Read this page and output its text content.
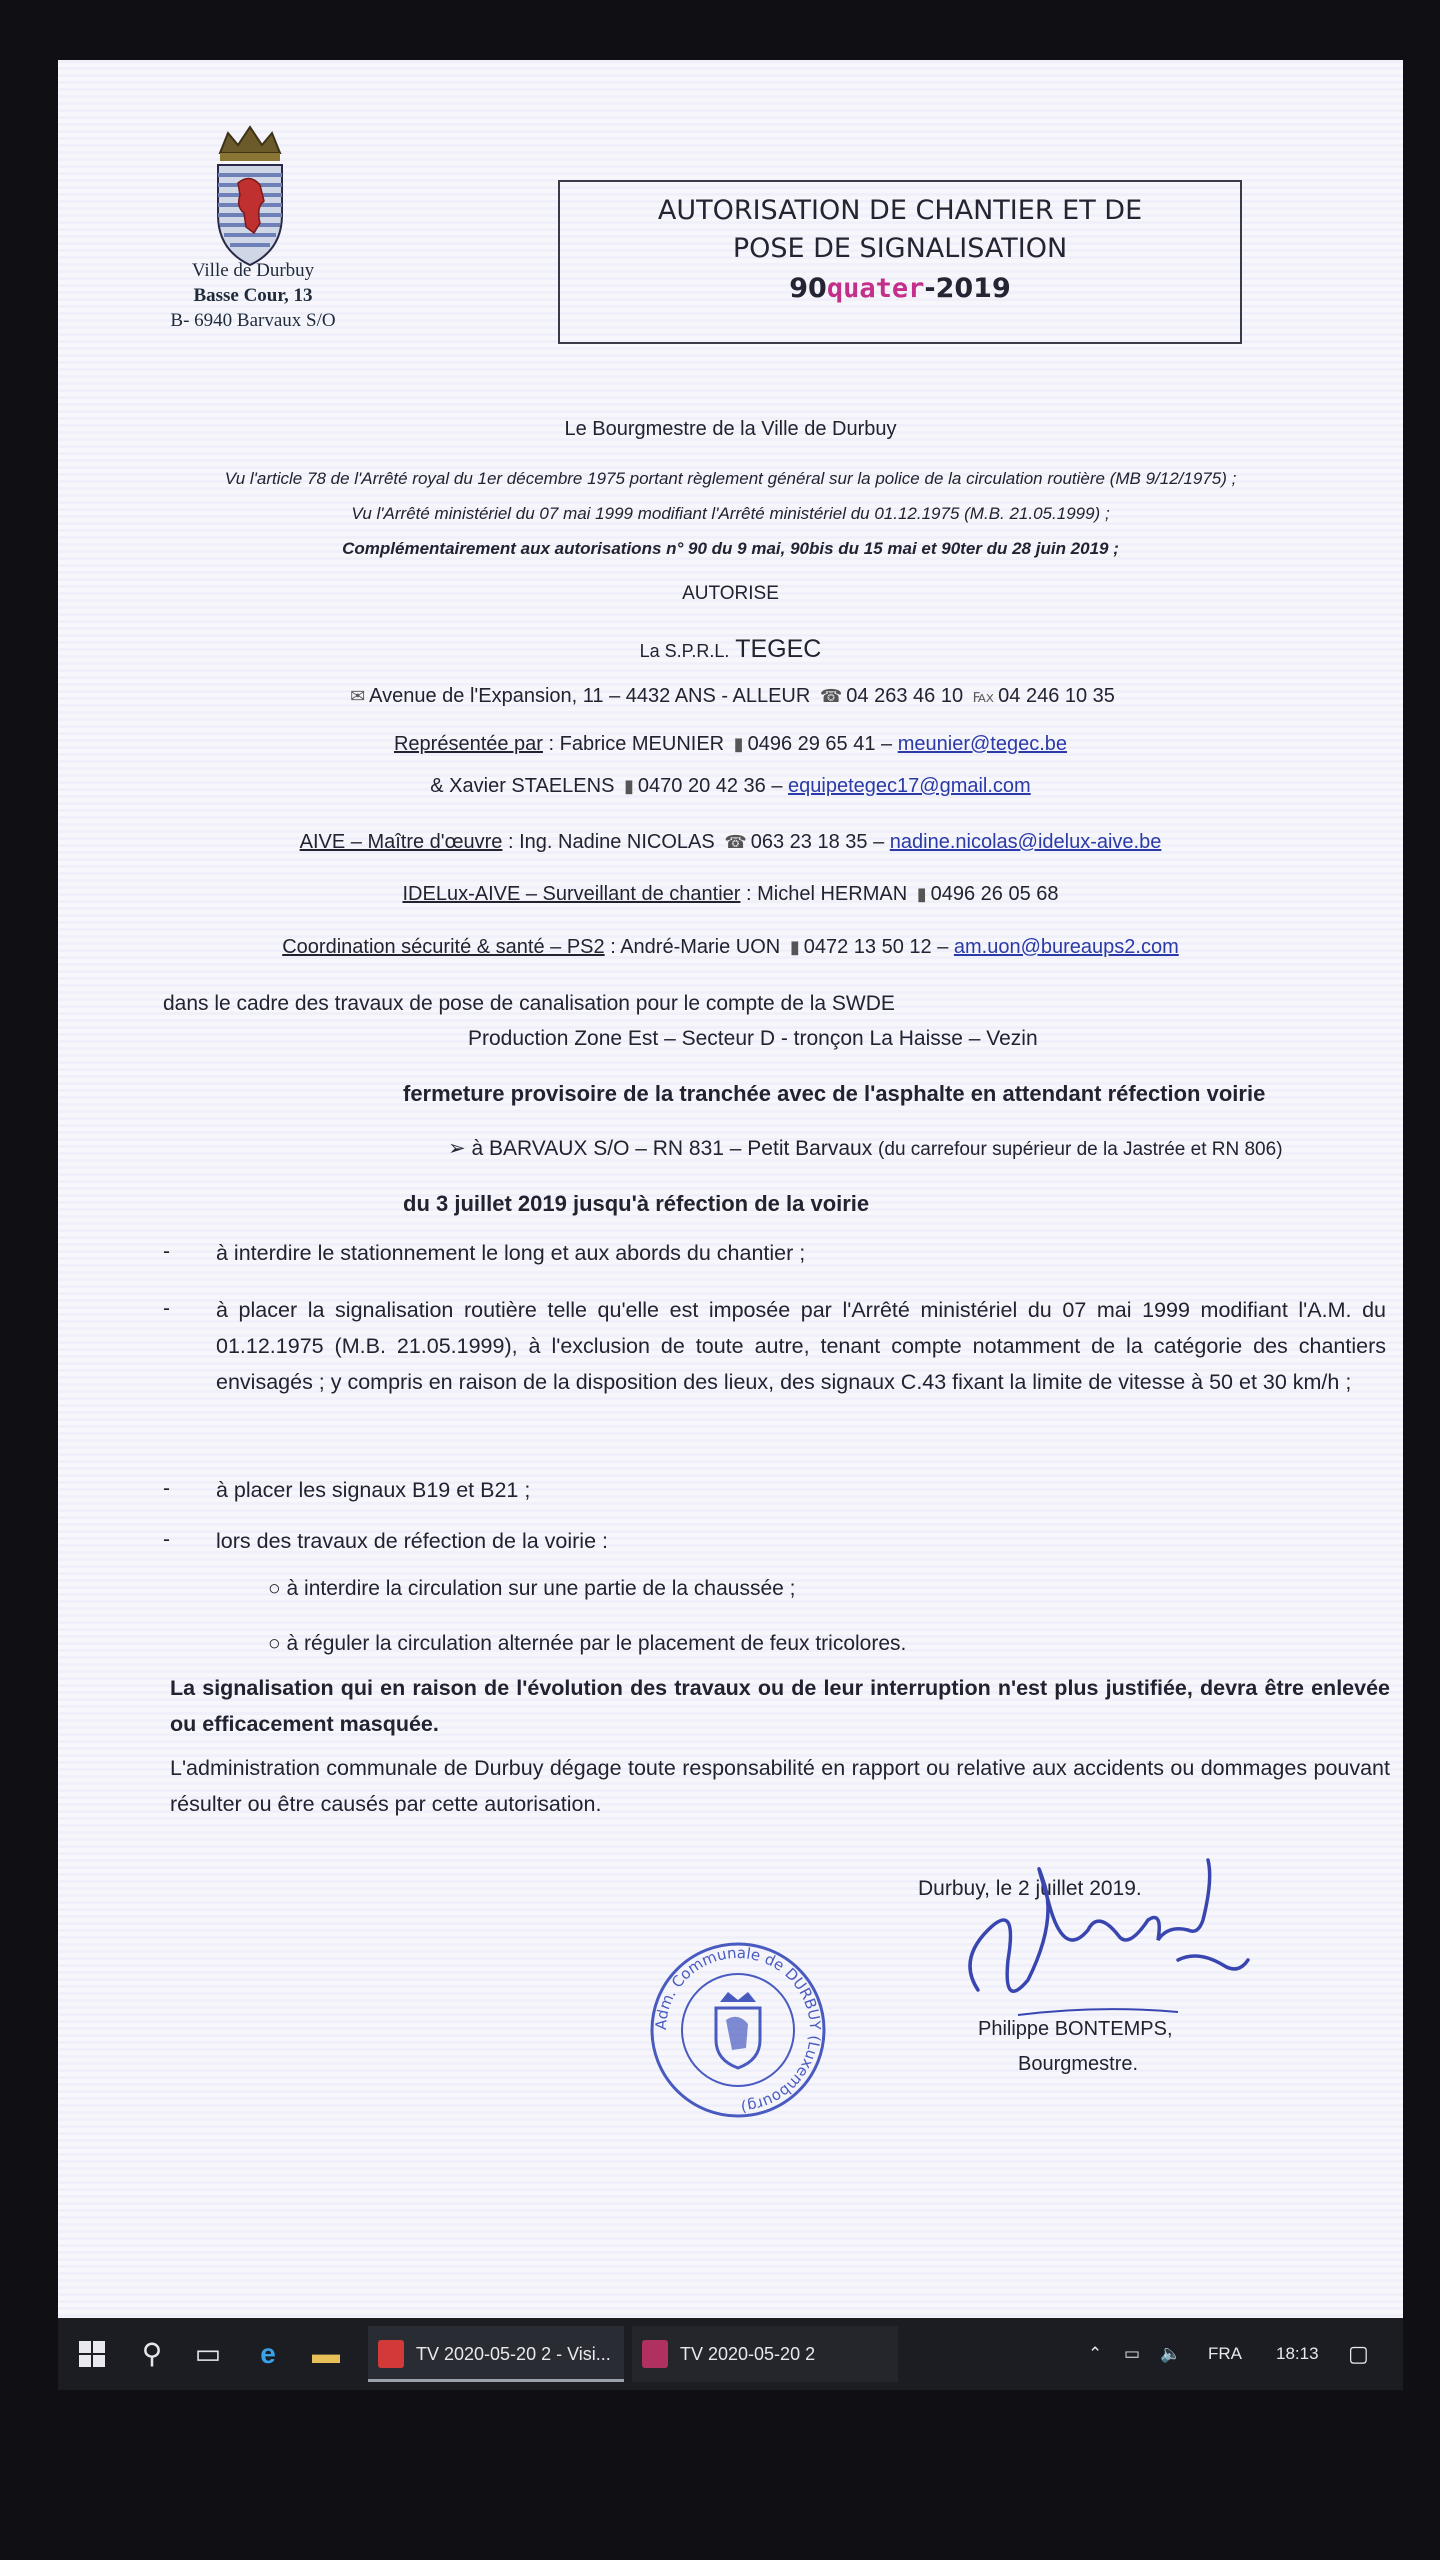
Ville de Durbuy
Basse Cour, 13
B- 6940 Barvaux S/O
AUTORISATION DE CHANTIER ET DE
POSE DE SIGNALISATION
90quater-2019
Le Bourgmestre de la Ville de Durbuy
Vu l'article 78 de l'Arrêté royal du 1er décembre 1975 portant règlement général sur la police de la circulation routière (MB 9/12/1975) ;
Vu l'Arrêté ministériel du 07 mai 1999 modifiant l'Arrêté ministériel du 01.12.1975 (M.B. 21.05.1999) ;
Complémentairement aux autorisations n° 90 du 9 mai, 90bis du 15 mai et 90ter du 28 juin 2019 ;
AUTORISE
La S.P.R.L. TEGEC
✉ Avenue de l'Expansion, 11 – 4432 ANS - ALLEUR ☎ 04 263 46 10 ℻ 04 246 10 35
Représentée par : Fabrice MEUNIER ▮ 0496 29 65 41 – meunier@tegec.be
& Xavier STAELENS ▮ 0470 20 42 36 – equipetegec17@gmail.com
AIVE – Maître d'œuvre : Ing. Nadine NICOLAS ☎ 063 23 18 35 – nadine.nicolas@idelux-aive.be
IDELux-AIVE – Surveillant de chantier : Michel HERMAN ▮ 0496 26 05 68
Coordination sécurité & santé – PS2 : André-Marie UON ▮ 0472 13 50 12 – am.uon@bureaups2.com
dans le cadre des travaux de pose de canalisation pour le compte de la SWDE
Production Zone Est – Secteur D - tronçon La Haisse – Vezin
fermeture provisoire de la tranchée avec de l'asphalte en attendant réfection voirie
➢ à BARVAUX S/O – RN 831 – Petit Barvaux (du carrefour supérieur de la Jastrée et RN 806)
du 3 juillet 2019 jusqu'à réfection de la voirie
-	à interdire le stationnement le long et aux abords du chantier ;
-	à placer la signalisation routière telle qu'elle est imposée par l'Arrêté ministériel du 07 mai 1999 modifiant l'A.M. du 01.12.1975 (M.B. 21.05.1999), à l'exclusion de toute autre, tenant compte notamment de la catégorie des chantiers envisagés ; y compris en raison de la disposition des lieux, des signaux C.43 fixant la limite de vitesse à 50 et 30 km/h ;
-	à placer les signaux B19 et B21 ;
-	lors des travaux de réfection de la voirie :
○ à interdire la circulation sur une partie de la chaussée ;
○ à réguler la circulation alternée par le placement de feux tricolores.
La signalisation qui en raison de l'évolution des travaux ou de leur interruption n'est plus justifiée, devra être enlevée ou efficacement masquée.
L'administration communale de Durbuy dégage toute responsabilité en rapport ou relative aux accidents ou dommages pouvant résulter ou être causés par cette autorisation.
Durbuy, le 2 juillet 2019.
Adm. Communale de DURBUY (Luxembourg)
Philippe BONTEMPS,
Bourgmestre.
⚲	▭	e	▬	TV 2020-05-20 2 - Visi...	TV 2020-05-20 2	⌃ ▭ 🔈 FRA 18:13 ▢
